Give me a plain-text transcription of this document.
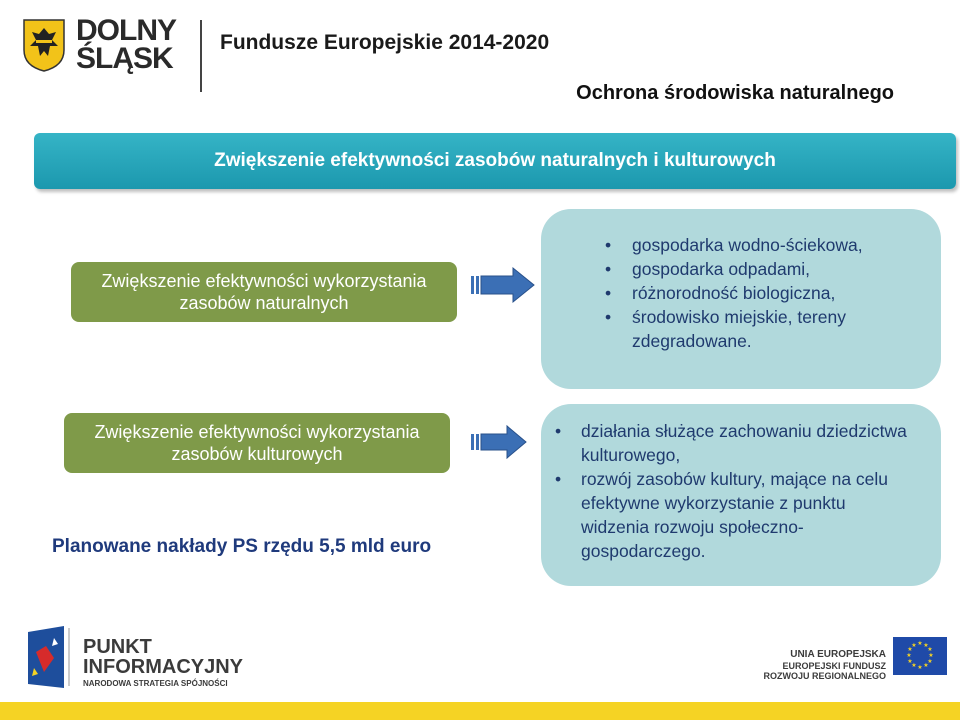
DOLNY
ŚLĄSK Fundusze Europejskie 2014-2020
Ochrona środowiska naturalnego
Zwiększenie efektywności zasobów naturalnych i kulturowych
Zwiększenie efektywności wykorzystania
zasobów naturalnych
• gospodarka wodno-ściekowa,
• gospodarka odpadami,
• różnorodność biologiczna,
• środowisko miejskie, tereny
zdegradowane.
Zwiększenie efektywności wykorzystania
zasobów kulturowych
• działania służące zachowaniu dziedzictwa
kulturowego,
• rozwój zasobów kultury, mające na celu
efektywne wykorzystanie z punktu
widzenia rozwoju społeczno-
gospodarczego.
Planowane nakłady PS rzędu 5,5 mld euro
PUNKT
INFORMACYJNY
NARODOWA STRATEGIA SPÓJNOŚCI
UNIA EUROPEJSKA
EUROPEJSKI FUNDUSZ
ROZWOJU REGIONALNEGO
★ ★
★
★
★
★
★
★
★
★
★
★
